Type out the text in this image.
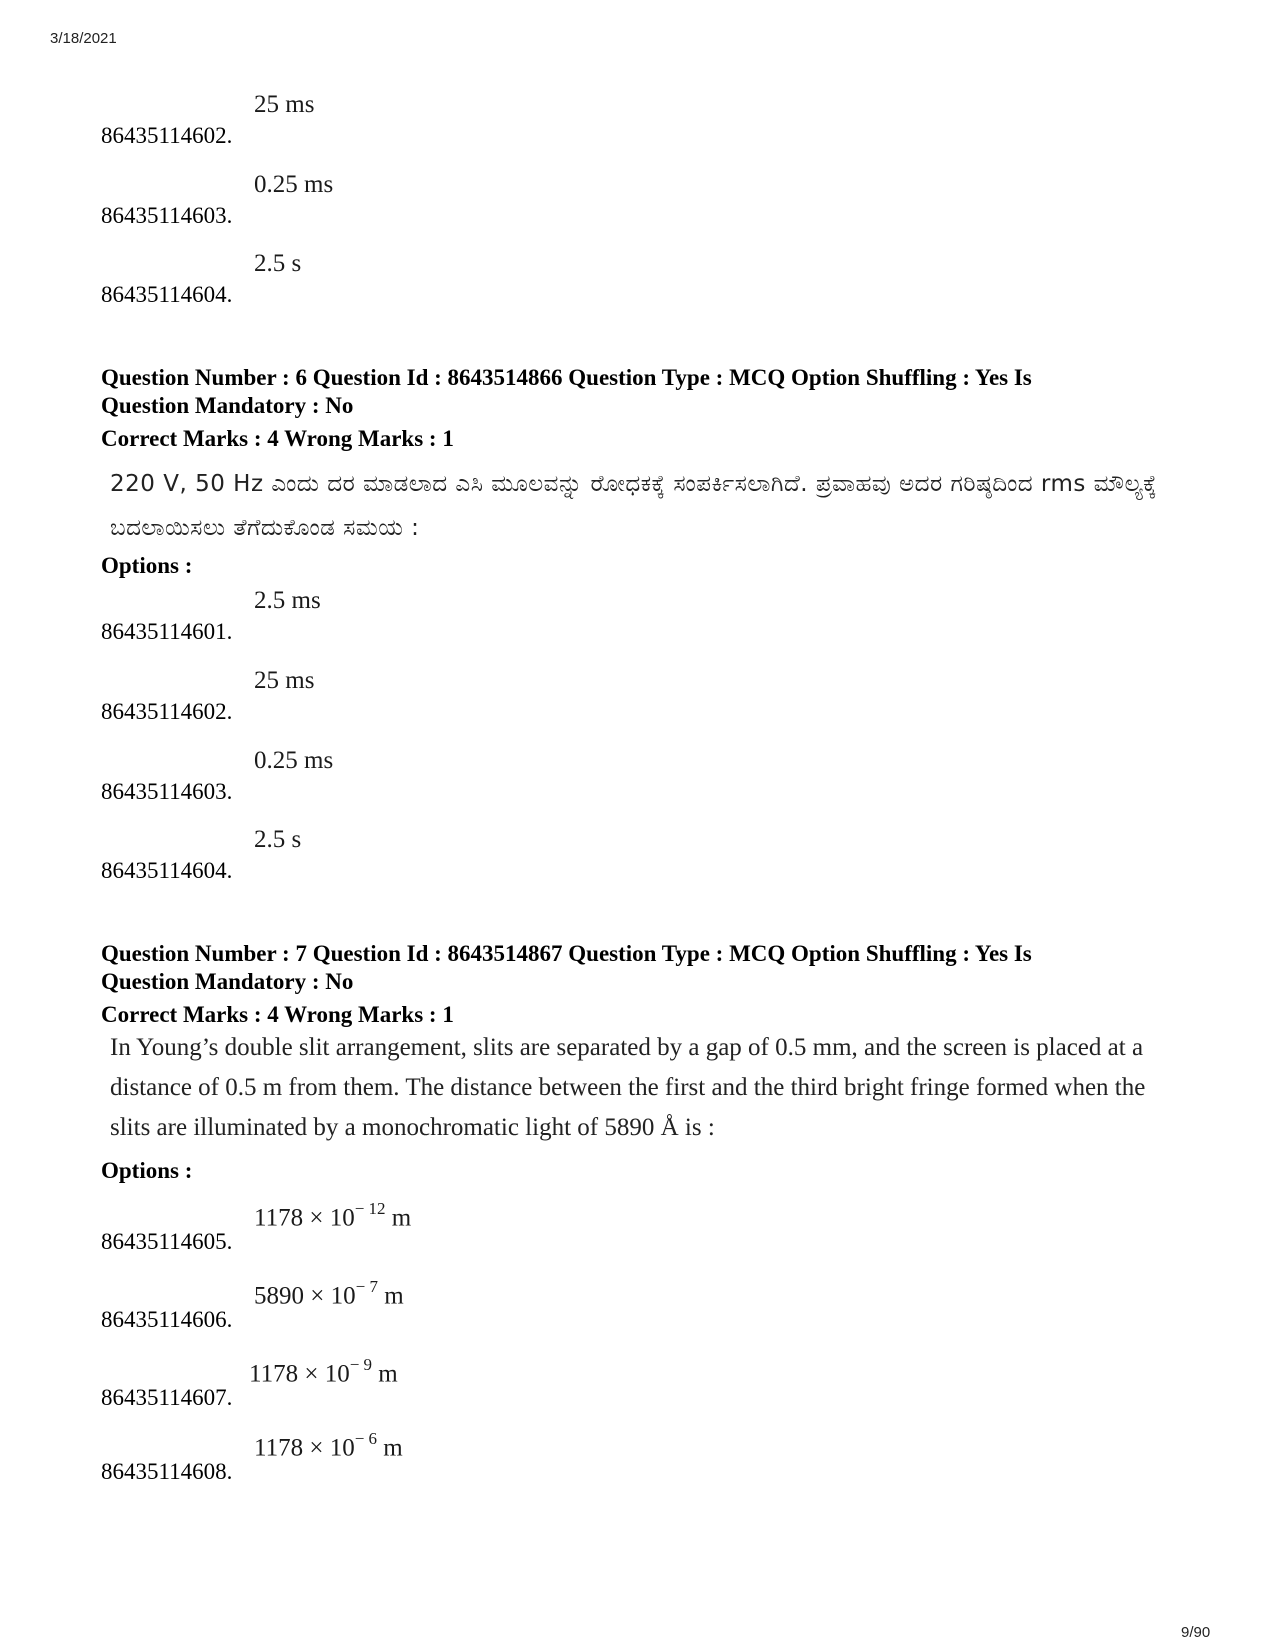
3/18/2021
86435114602.
25 ms
86435114603.
0.25 ms
86435114604.
2.5 s

Question Number : 6 Question Id : 8643514866 Question Type : MCQ Option Shuffling : Yes Is

Question Mandatory : No

Correct Marks : 4 Wrong Marks : 1

220 V, 50 Hz ಎಂದು ದರ ಮಾಡಲಾದ ಎಸಿ ಮೂಲವನ್ನು ರೋಧಕಕ್ಕೆ ಸಂಪರ್ಕಿಸಲಾಗಿದೆ. ಪ್ರವಾಹವು ಅದರ ಗರಿಷ್ಠದಿಂದ rms ಮೌಲ್ಯಕ್ಕೆ ಬದಲಾಯಿಸಲು ತೆಗೆದುಕೊಂಡ ಸಮಯ :
Options :
86435114601.
2.5 ms
86435114602.
25 ms
86435114603.
0.25 ms
86435114604.
2.5 s

Question Number : 7 Question Id : 8643514867 Question Type : MCQ Option Shuffling : Yes Is

Question Mandatory : No

Correct Marks : 4 Wrong Marks : 1

In Young’s double slit arrangement, slits are separated by a gap of 0.5 mm, and the screen is placed at a distance of 0.5 m from them. The distance between the first and the third bright fringe formed when the slits are illuminated by a monochromatic light of 5890 Å is :
Options :
86435114605.
$1178 \times 10^{- 12}$ m
86435114606.
$5890 \times 10^{- 7}$ m
86435114607.
$1178 \times 10^{- 9}$ m
86435114608.
$1178 \times 10^{- 6}$ m
9/90
